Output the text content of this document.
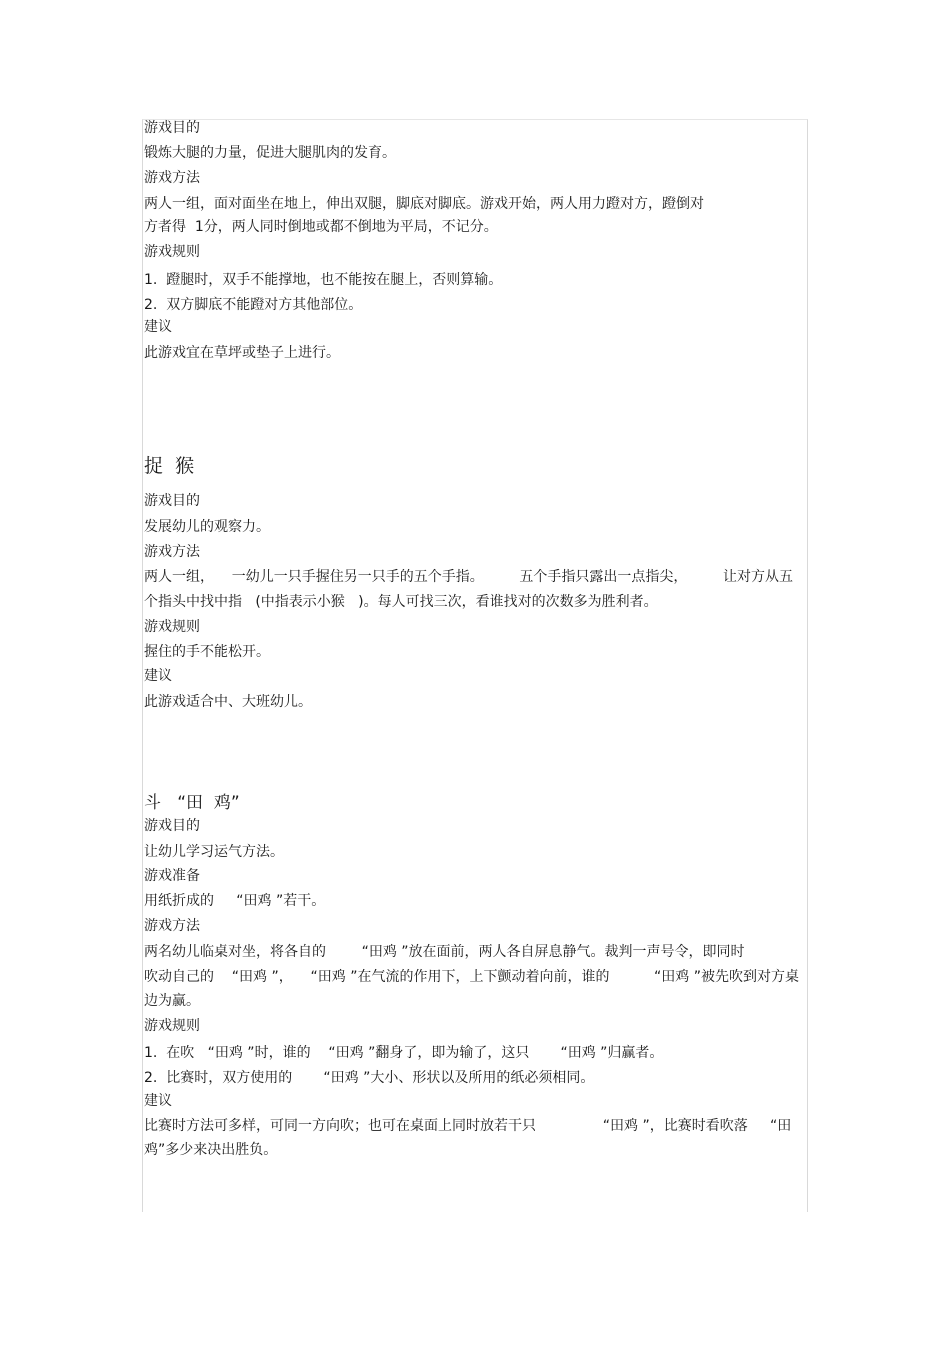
游戏目的
锻炼大腿的力量，促进大腿肌肉的发育。
游戏方法
两人一组，面对面坐在地上，伸出双腿，脚底对脚底。游戏开始，两人用力蹬对方，蹬倒对
方者得  1分，两人同时倒地或都不倒地为平局，不记分。
游戏规则
1.  蹬腿时，双手不能撑地，也不能按在腿上，否则算输。
2.  双方脚底不能蹬对方其他部位。
建议
此游戏宜在草坪或垫子上进行。
捉  猴
游戏目的
发展幼儿的观察力。
游戏方法
两人一组，    一幼儿一只手握住另一只手的五个手指。        五个手指只露出一点指尖，        让对方从五
个指头中找中指   (中指表示小猴   )。每人可找三次，看谁找对的次数多为胜利者。
游戏规则
握住的手不能松开。
建议
此游戏适合中、大班幼儿。
斗   “田  鸡”
游戏目的
让幼儿学习运气方法。
游戏准备
用纸折成的     “田鸡 ”若干。
游戏方法
两名幼儿临桌对坐，将各自的        “田鸡 ”放在面前，两人各自屏息静气。裁判一声号令，即同时
吹动自己的    “田鸡 ”，    “田鸡 ”在气流的作用下，上下颤动着向前，谁的          “田鸡 ”被先吹到对方桌
边为赢。
游戏规则
1.  在吹   “田鸡 ”时，谁的    “田鸡 ”翻身了，即为输了，这只       “田鸡 ”归赢者。
2.  比赛时，双方使用的       “田鸡 ”大小、形状以及所用的纸必须相同。
建议
比赛时方法可多样，可同一方向吹；也可在桌面上同时放若干只               “田鸡 ”，比赛时看吹落     “田
鸡”多少来决出胜负。
